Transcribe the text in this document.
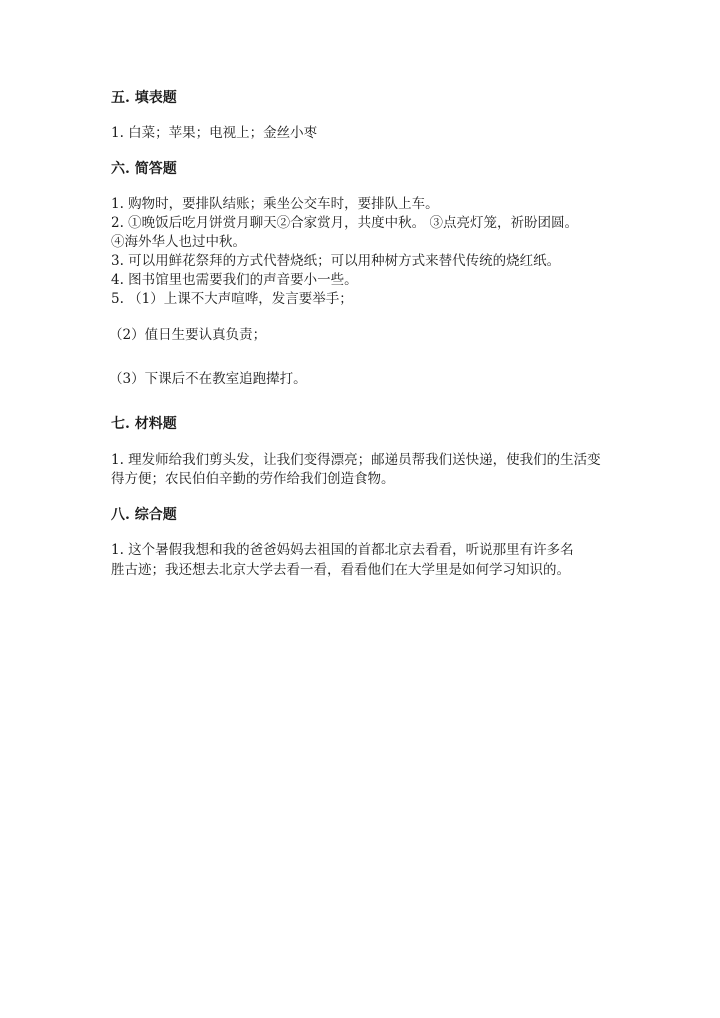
五. 填表题
1. 白菜；苹果；电视上；金丝小枣
六. 简答题
1. 购物时，要排队结账；乘坐公交车时，要排队上车。
2. ①晚饭后吃月饼赏月聊天②合家赏月，共度中秋。 ③点亮灯笼，祈盼团圆。
④海外华人也过中秋。
3. 可以用鲜花祭拜的方式代替烧纸；可以用种树方式来替代传统的烧红纸。
4. 图书馆里也需要我们的声音要小一些。
5. （1）上课不大声喧哗，发言要举手；
（2）值日生要认真负责；
（3）下课后不在教室追跑撵打。
七. 材料题
1. 理发师给我们剪头发，让我们变得漂亮；邮递员帮我们送快递，使我们的生活变
得方便；农民伯伯辛勤的劳作给我们创造食物。
八. 综合题
1. 这个暑假我想和我的爸爸妈妈去祖国的首都北京去看看，听说那里有许多名
胜古迹；我还想去北京大学去看一看，看看他们在大学里是如何学习知识的。
